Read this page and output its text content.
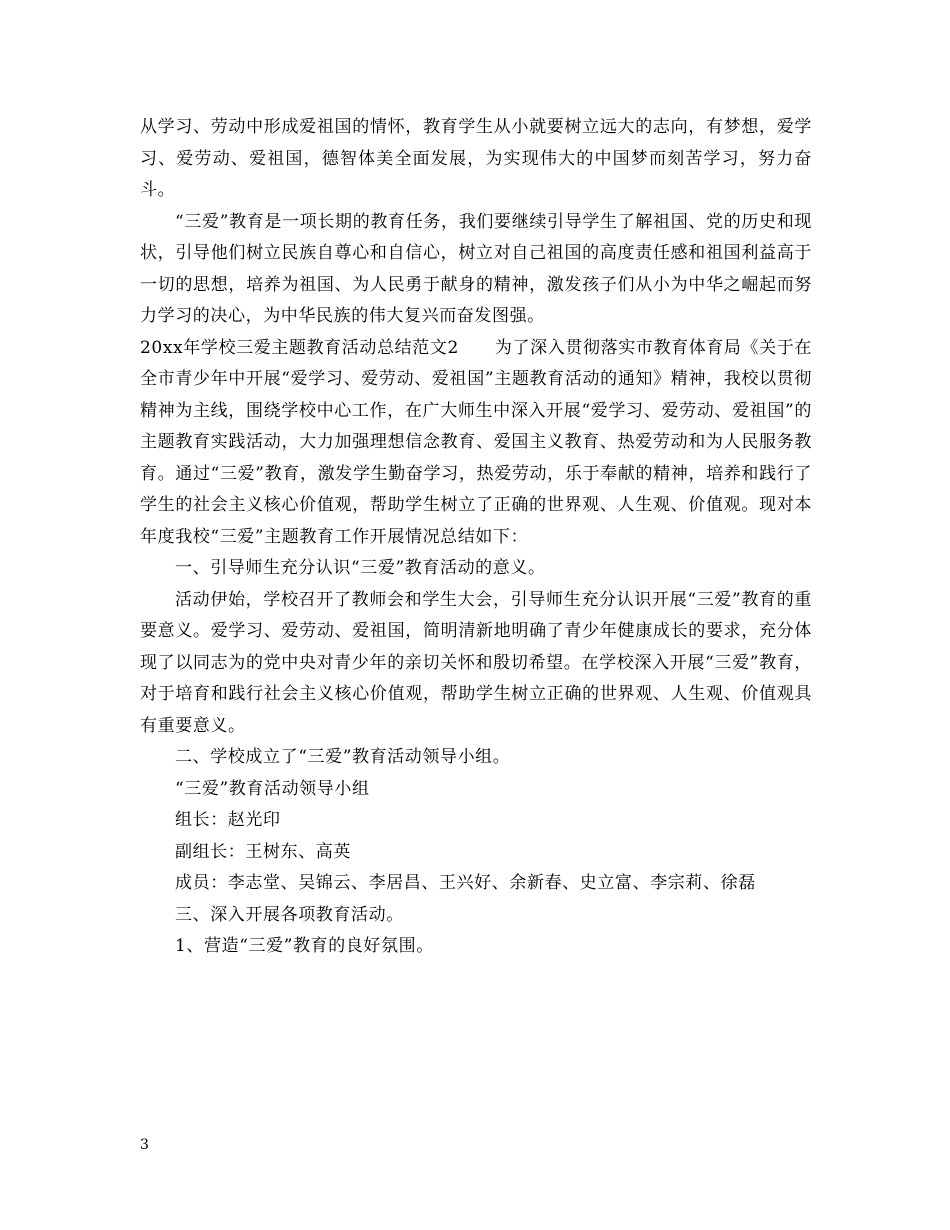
从学习、劳动中形成爱祖国的情怀，教育学生从小就要树立远大的志向，有梦想，爱学习、爱劳动、爱祖国，德智体美全面发展，为实现伟大的中国梦而刻苦学习，努力奋斗。

“三爱”教育是一项长期的教育任务，我们要继续引导学生了解祖国、党的历史和现状，引导他们树立民族自尊心和自信心，树立对自己祖国的高度责任感和祖国利益高于一切的思想，培养为祖国、为人民勇于献身的精神，激发孩子们从小为中华之崛起而努力学习的决心，为中华民族的伟大复兴而奋发图强。

20xx年学校三爱主题教育活动总结范文2 为了深入贯彻落实市教育体育局《关于在全市青少年中开展“爱学习、爱劳动、爱祖国”主题教育活动的通知》精神，我校以贯彻精神为主线，围绕学校中心工作，在广大师生中深入开展“爱学习、爱劳动、爱祖国”的主题教育实践活动，大力加强理想信念教育、爱国主义教育、热爱劳动和为人民服务教育。通过“三爱”教育，激发学生勤奋学习，热爱劳动，乐于奉献的精神，培养和践行了学生的社会主义核心价值观，帮助学生树立了正确的世界观、人生观、价值观。现对本年度我校“三爱”主题教育工作开展情况总结如下：

一、引导师生充分认识“三爱”教育活动的意义。

活动伊始，学校召开了教师会和学生大会，引导师生充分认识开展“三爱”教育的重要意义。爱学习、爱劳动、爱祖国，简明清新地明确了青少年健康成长的要求，充分体现了以同志为的党中央对青少年的亲切关怀和殷切希望。在学校深入开展“三爱”教育，对于培育和践行社会主义核心价值观，帮助学生树立正确的世界观、人生观、价值观具有重要意义。

二、学校成立了“三爱”教育活动领导小组。

“三爱”教育活动领导小组

组长：赵光印

副组长：王树东、高英

成员：李志堂、吴锦云、李居昌、王兴好、余新春、史立富、李宗莉、徐磊

三、深入开展各项教育活动。

1、营造“三爱”教育的良好氛围。

3
